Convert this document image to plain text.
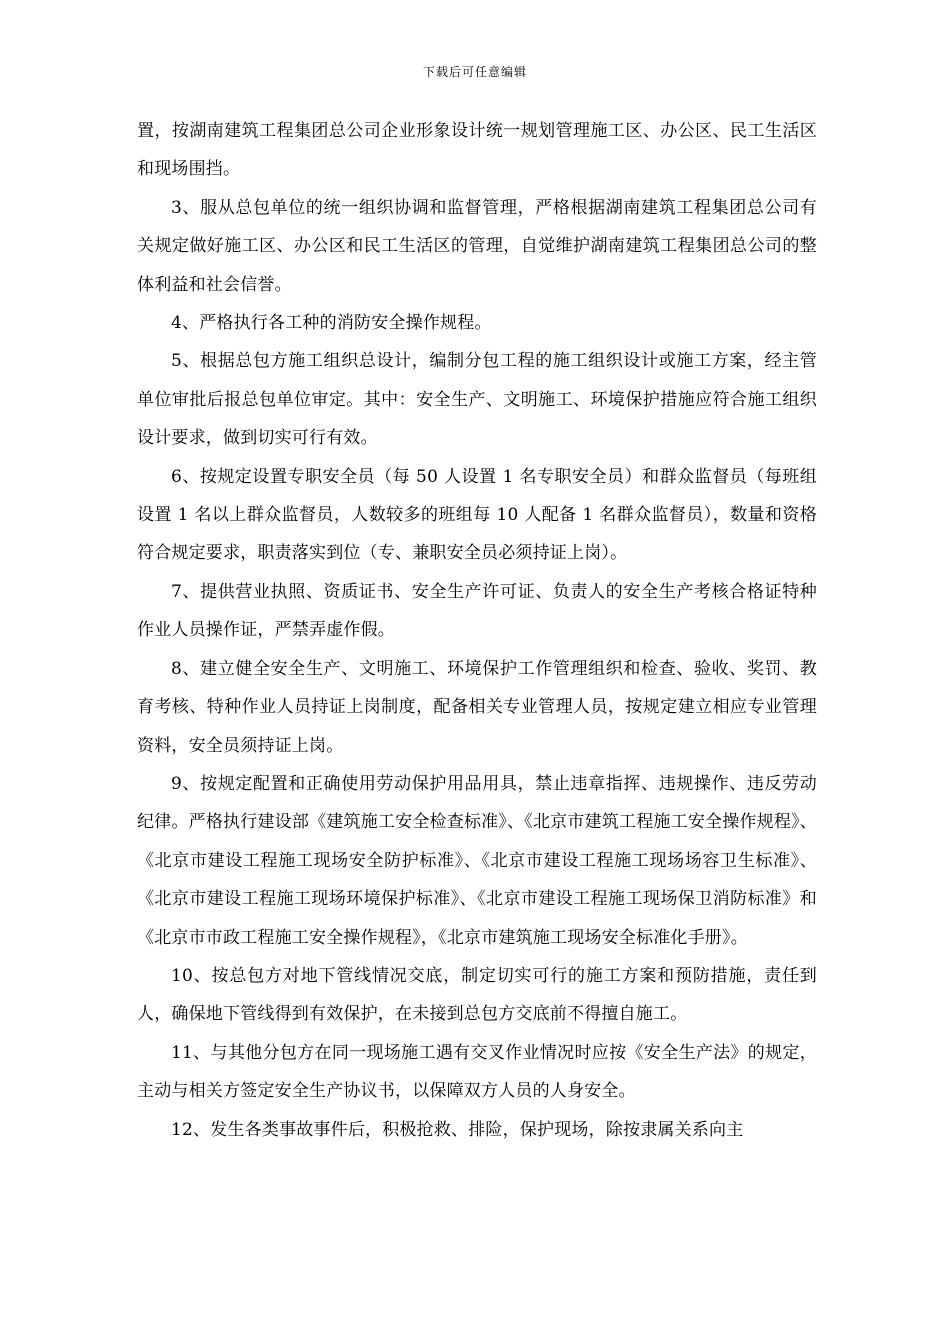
下载后可任意编辑

置，按湖南建筑工程集团总公司企业形象设计统一规划管理施工区、办公区、民工生活区和现场围挡。

3、服从总包单位的统一组织协调和监督管理，严格根据湖南建筑工程集团总公司有关规定做好施工区、办公区和民工生活区的管理，自觉维护湖南建筑工程集团总公司的整体利益和社会信誉。

4、严格执行各工种的消防安全操作规程。

5、根据总包方施工组织总设计，编制分包工程的施工组织设计或施工方案，经主管单位审批后报总包单位审定。其中：安全生产、文明施工、环境保护措施应符合施工组织设计要求，做到切实可行有效。

6、按规定设置专职安全员（每 50 人设置 1 名专职安全员）和群众监督员（每班组设置 1 名以上群众监督员，人数较多的班组每 10 人配备 1 名群众监督员），数量和资格符合规定要求，职责落实到位（专、兼职安全员必须持证上岗）。

7、提供营业执照、资质证书、安全生产许可证、负责人的安全生产考核合格证特种作业人员操作证，严禁弄虚作假。

8、建立健全安全生产、文明施工、环境保护工作管理组织和检查、验收、奖罚、教育考核、特种作业人员持证上岗制度，配备相关专业管理人员，按规定建立相应专业管理资料，安全员须持证上岗。

9、按规定配置和正确使用劳动保护用品用具，禁止违章指挥、违规操作、违反劳动纪律。严格执行建设部《建筑施工安全检查标准》、《北京市建筑工程施工安全操作规程》、《北京市建设工程施工现场安全防护标准》、《北京市建设工程施工现场场容卫生标准》、《北京市建设工程施工现场环境保护标准》、《北京市建设工程施工现场保卫消防标准》和《北京市市政工程施工安全操作规程》，《北京市建筑施工现场安全标准化手册》。

10、按总包方对地下管线情况交底，制定切实可行的施工方案和预防措施，责任到人，确保地下管线得到有效保护，在未接到总包方交底前不得擅自施工。

11、与其他分包方在同一现场施工遇有交叉作业情况时应按《安全生产法》的规定，主动与相关方签定安全生产协议书，以保障双方人员的人身安全。

12、发生各类事故事件后，积极抢救、排险，保护现场，除按隶属关系向主
